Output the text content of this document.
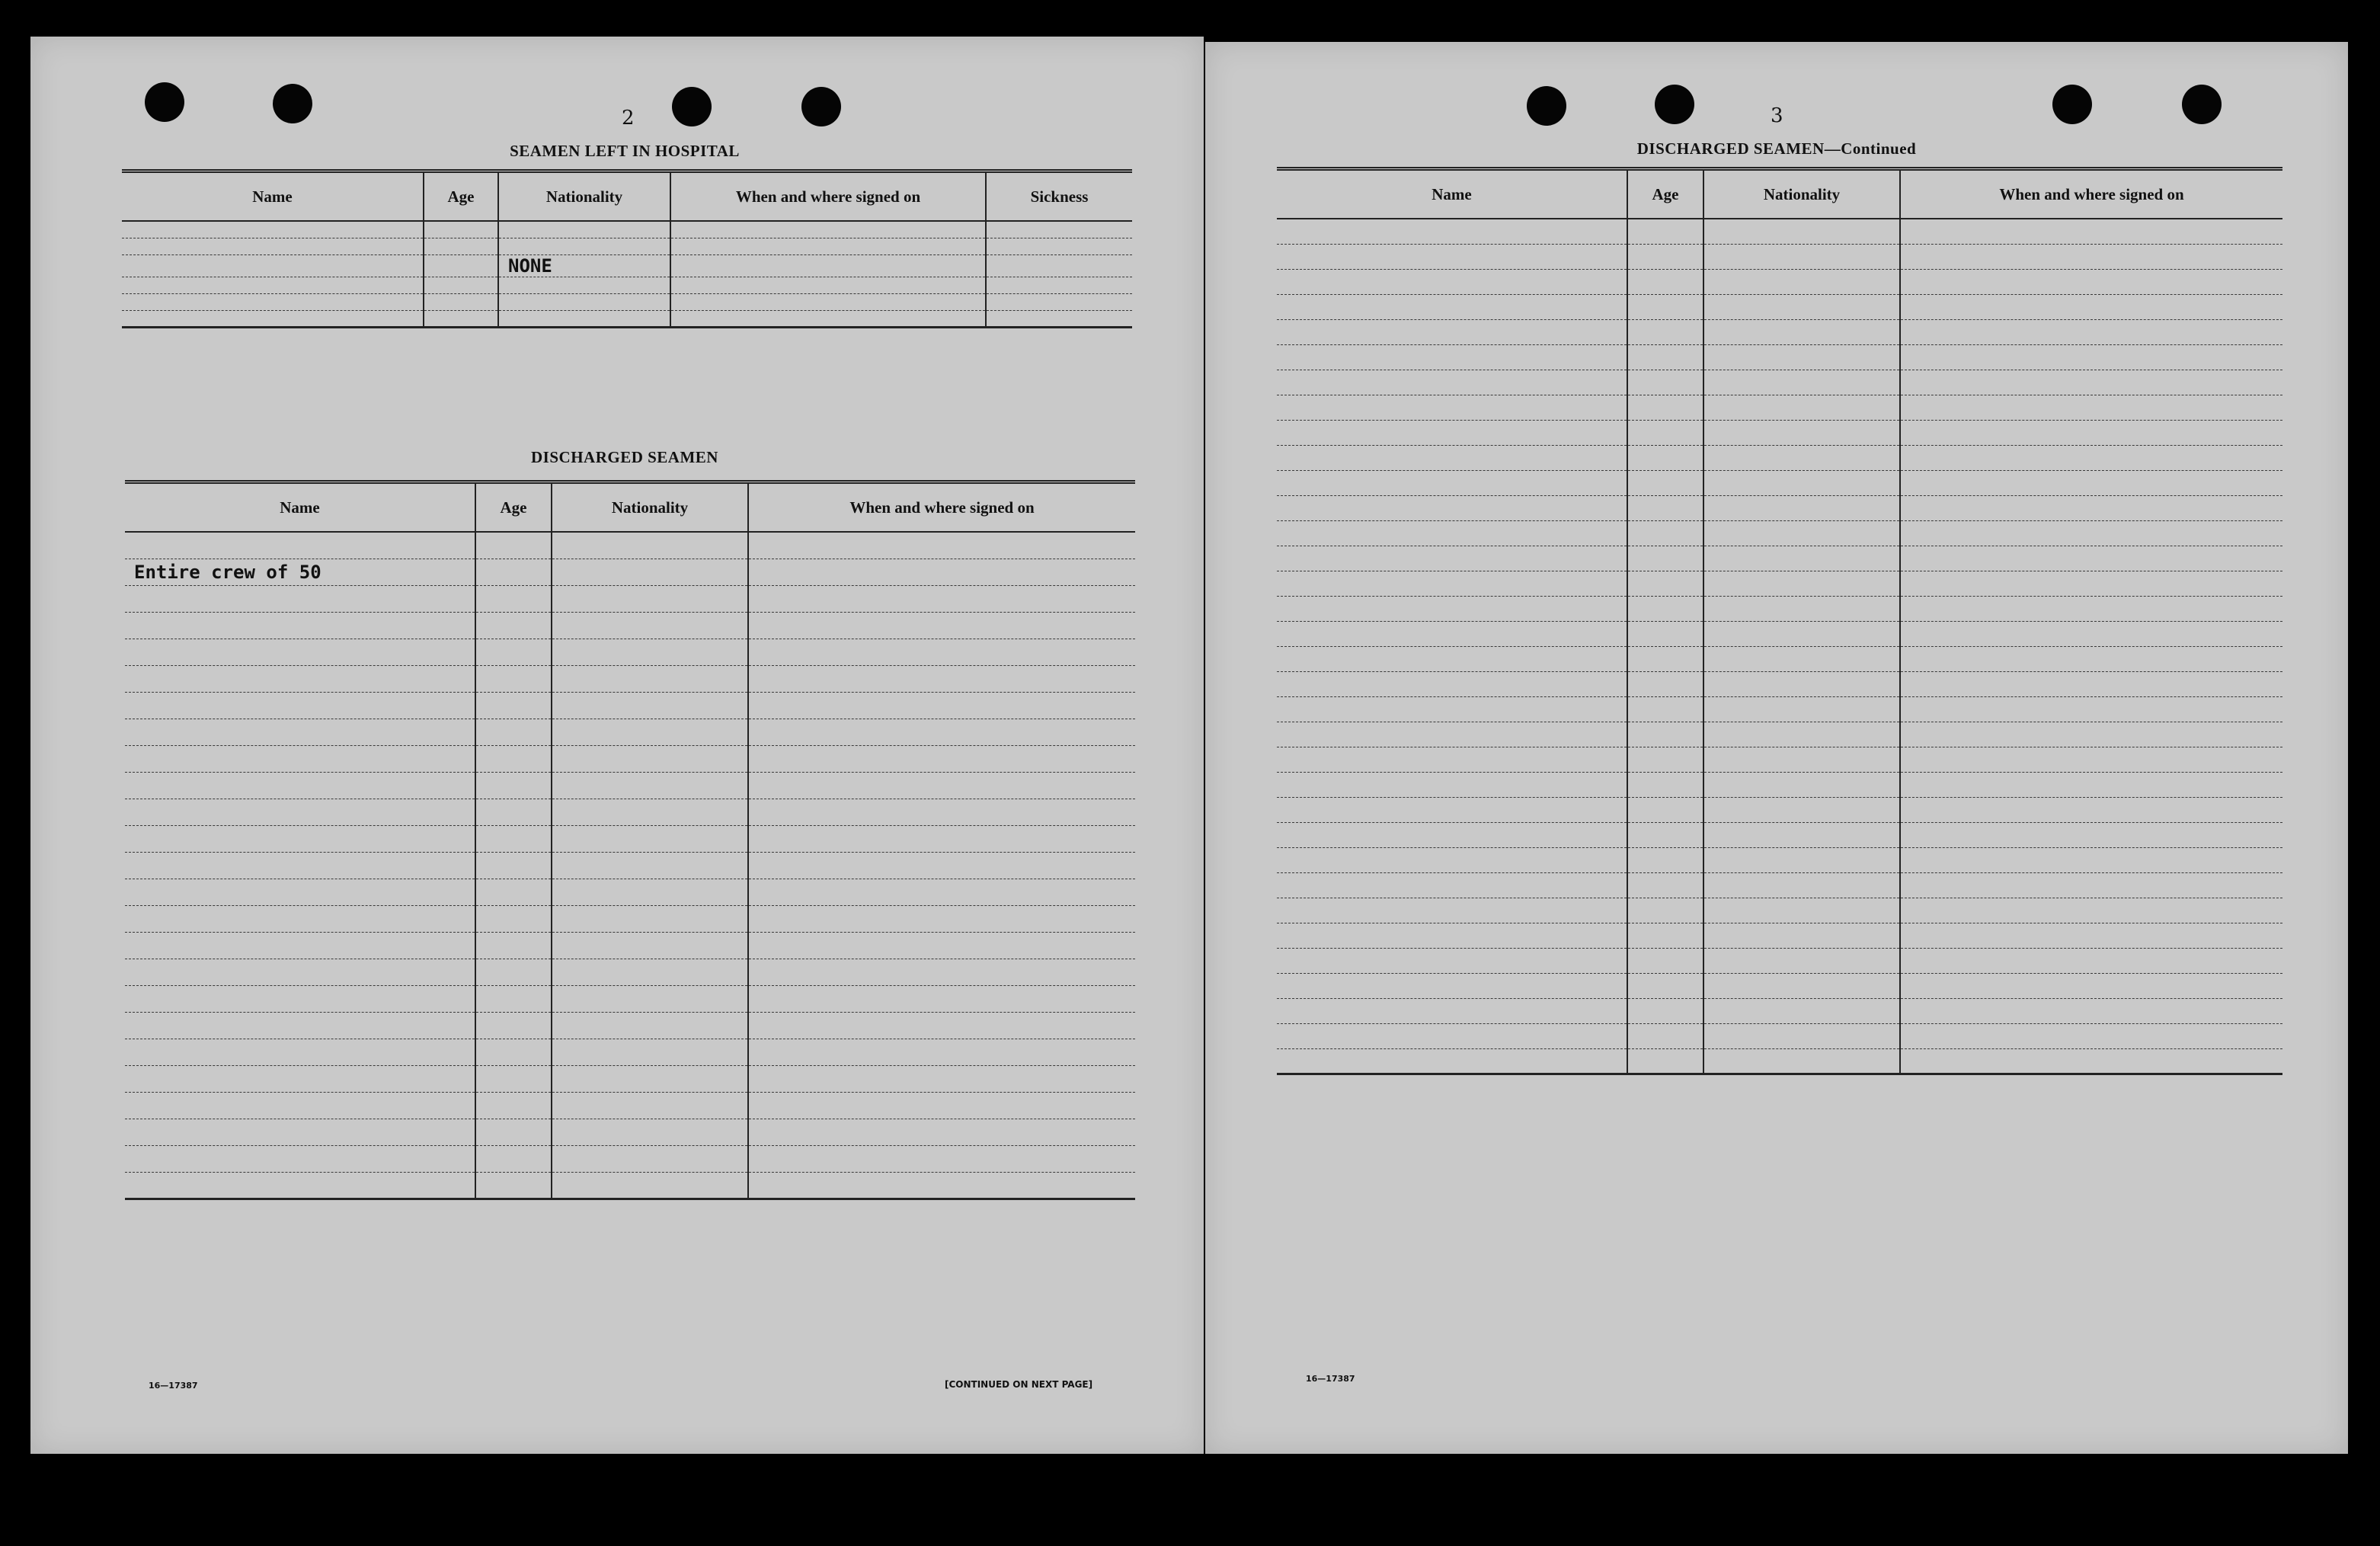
2
SEAMEN LEFT IN HOSPITAL
Name	Age	Nationality	When and where signed on	Sickness

		NONE		

DISCHARGED SEAMEN
Name	Age	Nationality	When and where signed on

Entire crew of 50			

16—17387	[CONTINUED ON NEXT PAGE]
3
DISCHARGED SEAMEN—Continued
Name	Age	Nationality	When and where signed on

16—17387
